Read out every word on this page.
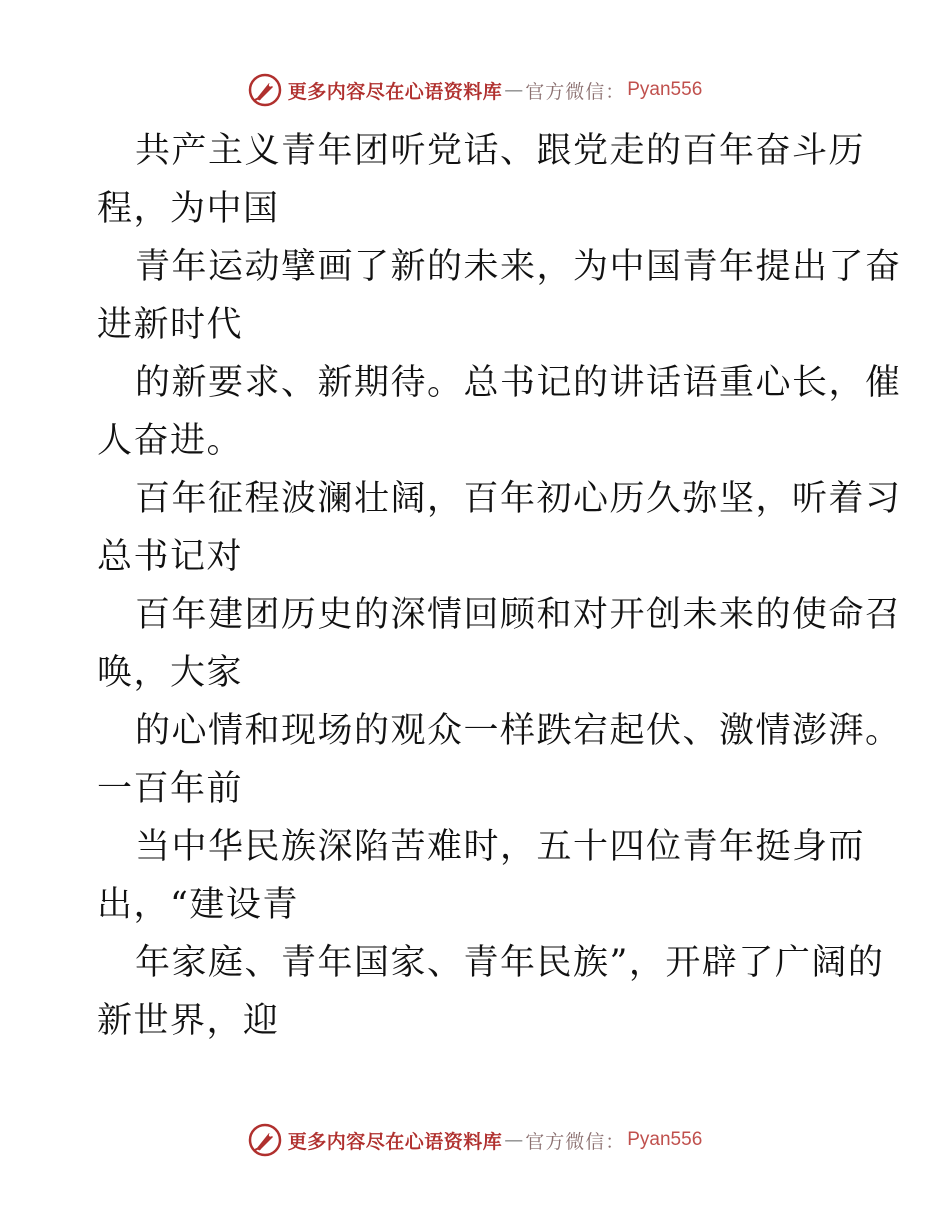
更多内容尽在心语资料库 — 官方微信： Pyan556

共产主义青年团听党话、跟党走的百年奋斗历
程，为中国

青年运动擘画了新的未来，为中国青年提出了奋
进新时代

的新要求、新期待。总书记的讲话语重心长，催
人奋进。

百年征程波澜壮阔，百年初心历久弥坚，听着习
总书记对

百年建团历史的深情回顾和对开创未来的使命召
唤，大家

的心情和现场的观众一样跌宕起伏、激情澎湃。
一百年前

当中华民族深陷苦难时，五十四位青年挺身而
出，“建设青

年家庭、青年国家、青年民族”，开辟了广阔的
新世界，迎

更多内容尽在心语资料库 — 官方微信： Pyan556
